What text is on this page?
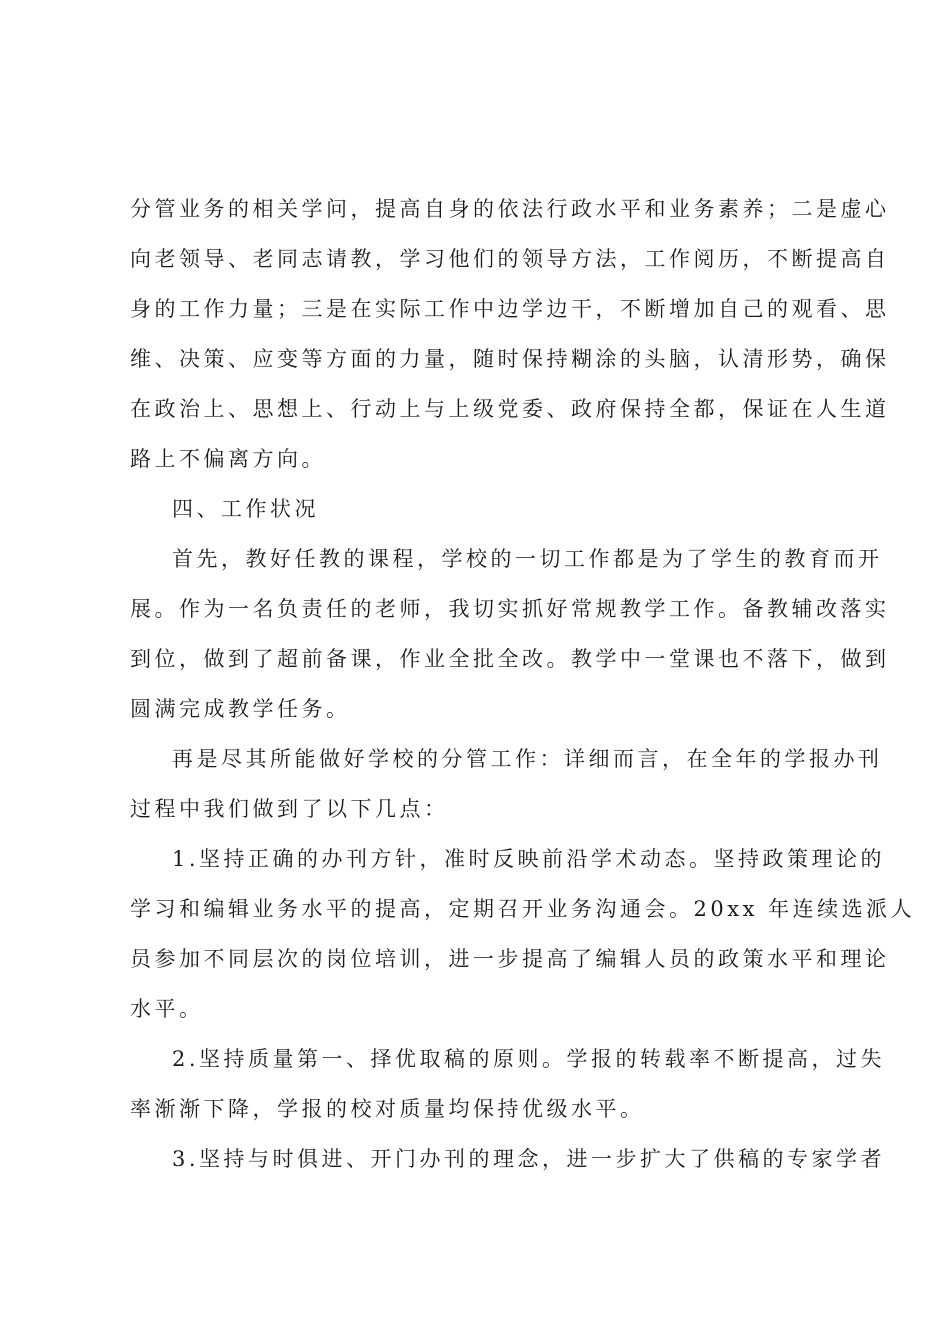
分管业务的相关学问，提高自身的依法行政水平和业务素养；二是虚心
向老领导、老同志请教，学习他们的领导方法，工作阅历，不断提高自
身的工作力量；三是在实际工作中边学边干，不断增加自己的观看、思
维、决策、应变等方面的力量，随时保持糊涂的头脑，认清形势，确保
在政治上、思想上、行动上与上级党委、政府保持全都，保证在人生道
路上不偏离方向。
四、工作状况
首先，教好任教的课程，学校的一切工作都是为了学生的教育而开
展。作为一名负责任的老师，我切实抓好常规教学工作。备教辅改落实
到位，做到了超前备课，作业全批全改。教学中一堂课也不落下，做到
圆满完成教学任务。
再是尽其所能做好学校的分管工作：详细而言，在全年的学报办刊
过程中我们做到了以下几点：
1.坚持正确的办刊方针，准时反映前沿学术动态。坚持政策理论的
学习和编辑业务水平的提高，定期召开业务沟通会。20xx 年连续选派人
员参加不同层次的岗位培训，进一步提高了编辑人员的政策水平和理论
水平。
2.坚持质量第一、择优取稿的原则。学报的转载率不断提高，过失
率渐渐下降，学报的校对质量均保持优级水平。
3.坚持与时俱进、开门办刊的理念，进一步扩大了供稿的专家学者
